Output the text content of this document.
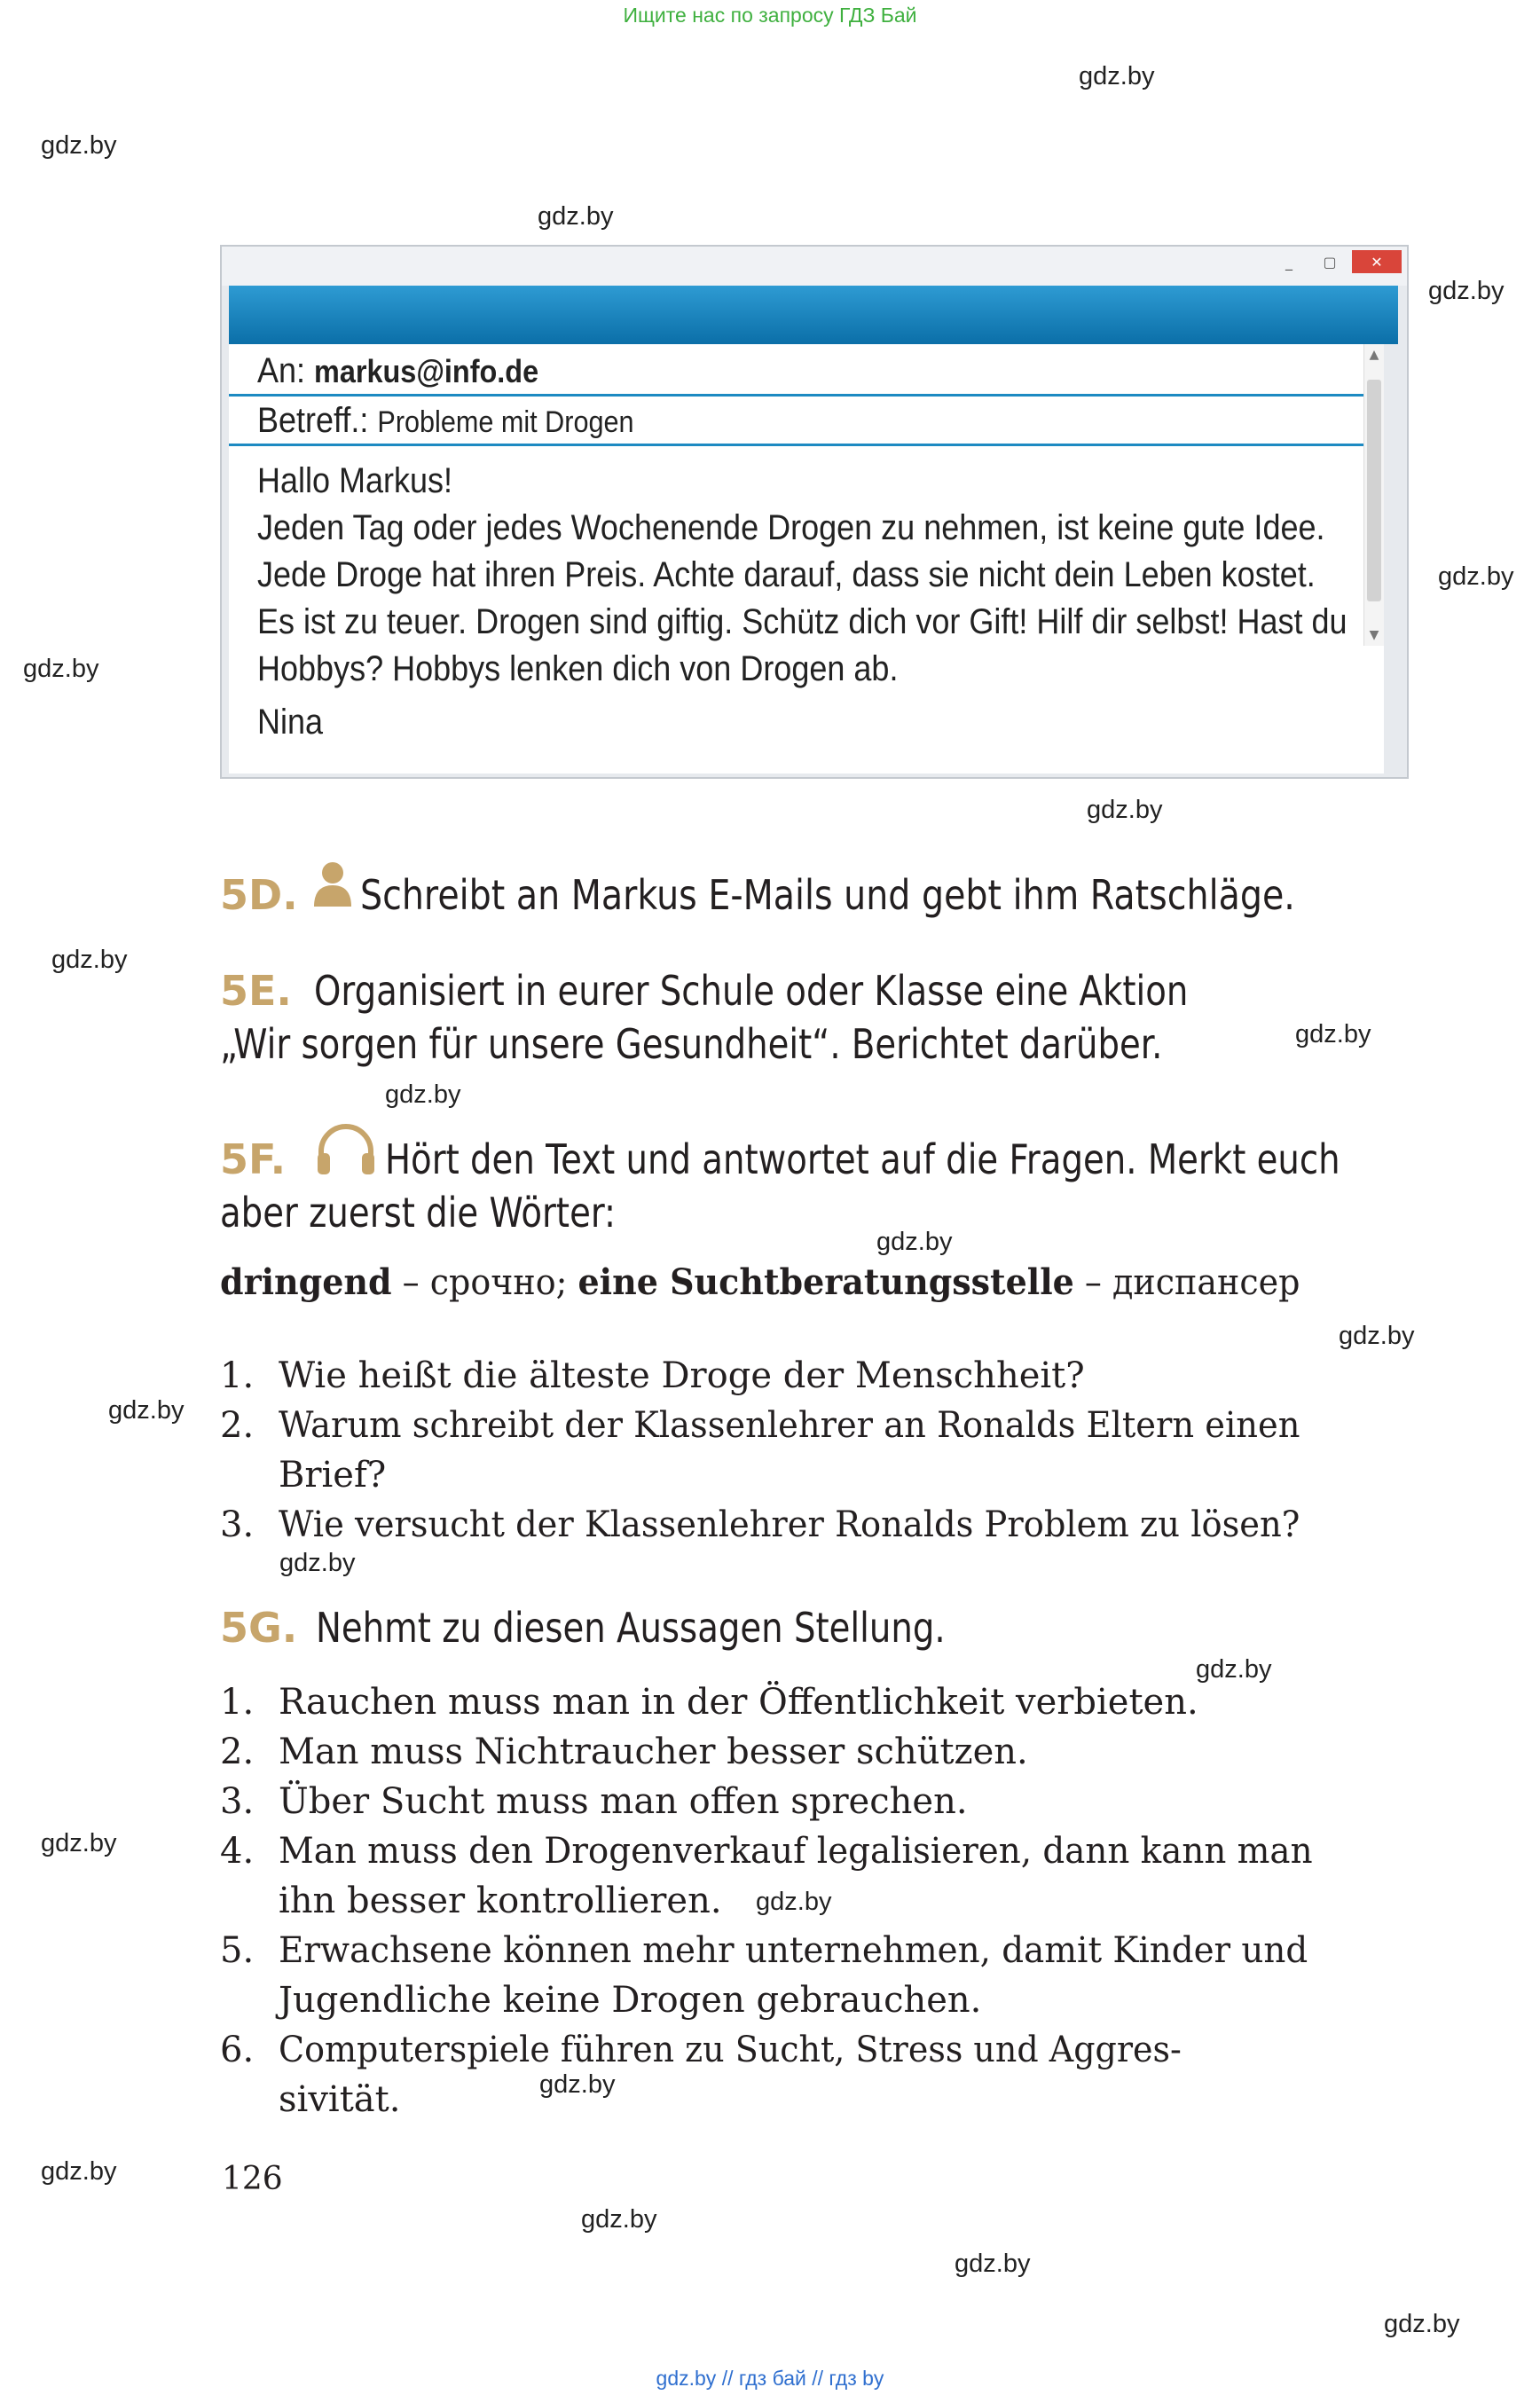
Ищите нас по запросу ГДЗ Бай
gdz.by
gdz.by
gdz.by
gdz.by
gdz.by
gdz.by
gdz.by
gdz.by
gdz.by
gdz.by
gdz.by
gdz.by
gdz.by
gdz.by
gdz.by
gdz.by
gdz.by
gdz.by
gdz.by
gdz.by
gdz.by
gdz.by
_	▢	✕
An: markus@info.de
Betreff.: Probleme mit Drogen
▲
▼
Hallo Markus!
Jeden Tag oder jedes Wochenende Drogen zu nehmen, ist keine gute Idee.
Jede Droge hat ihren Preis. Achte darauf, dass sie nicht dein Leben kostet.
Es ist zu teuer. Drogen sind giftig. Schütz dich vor Gift! Hilf dir selbst! Hast du
Hobbys? Hobbys lenken dich von Drogen ab.
Nina
5D. Schreibt an Markus E-Mails und gebt ihm Ratschläge.
5E. Organisiert in eurer Schule oder Klasse eine Aktion
„Wir sorgen für unsere Gesundheit“. Berichtet darüber.
5F. Hört den Text und antwortet auf die Fragen. Merkt euch
aber zuerst die Wörter:
dringend – срочно; eine Suchtberatungsstelle – диспансер
1. Wie heißt die älteste Droge der Menschheit?
2. Warum schreibt der Klassenlehrer an Ronalds Eltern einen
Brief?
3. Wie versucht der Klassenlehrer Ronalds Problem zu lösen?
5G. Nehmt zu diesen Aussagen Stellung.
1. Rauchen muss man in der Öffentlichkeit verbieten.
2. Man muss Nichtraucher besser schützen.
3. Über Sucht muss man offen sprechen.
4. Man muss den Drogenverkauf legalisieren, dann kann man
ihn besser kontrollieren.
5. Erwachsene können mehr unternehmen, damit Kinder und
Jugendliche keine Drogen gebrauchen.
6. Computerspiele führen zu Sucht, Stress und Aggres-
sivität.
126
gdz.by // гдз бай // гдз by
